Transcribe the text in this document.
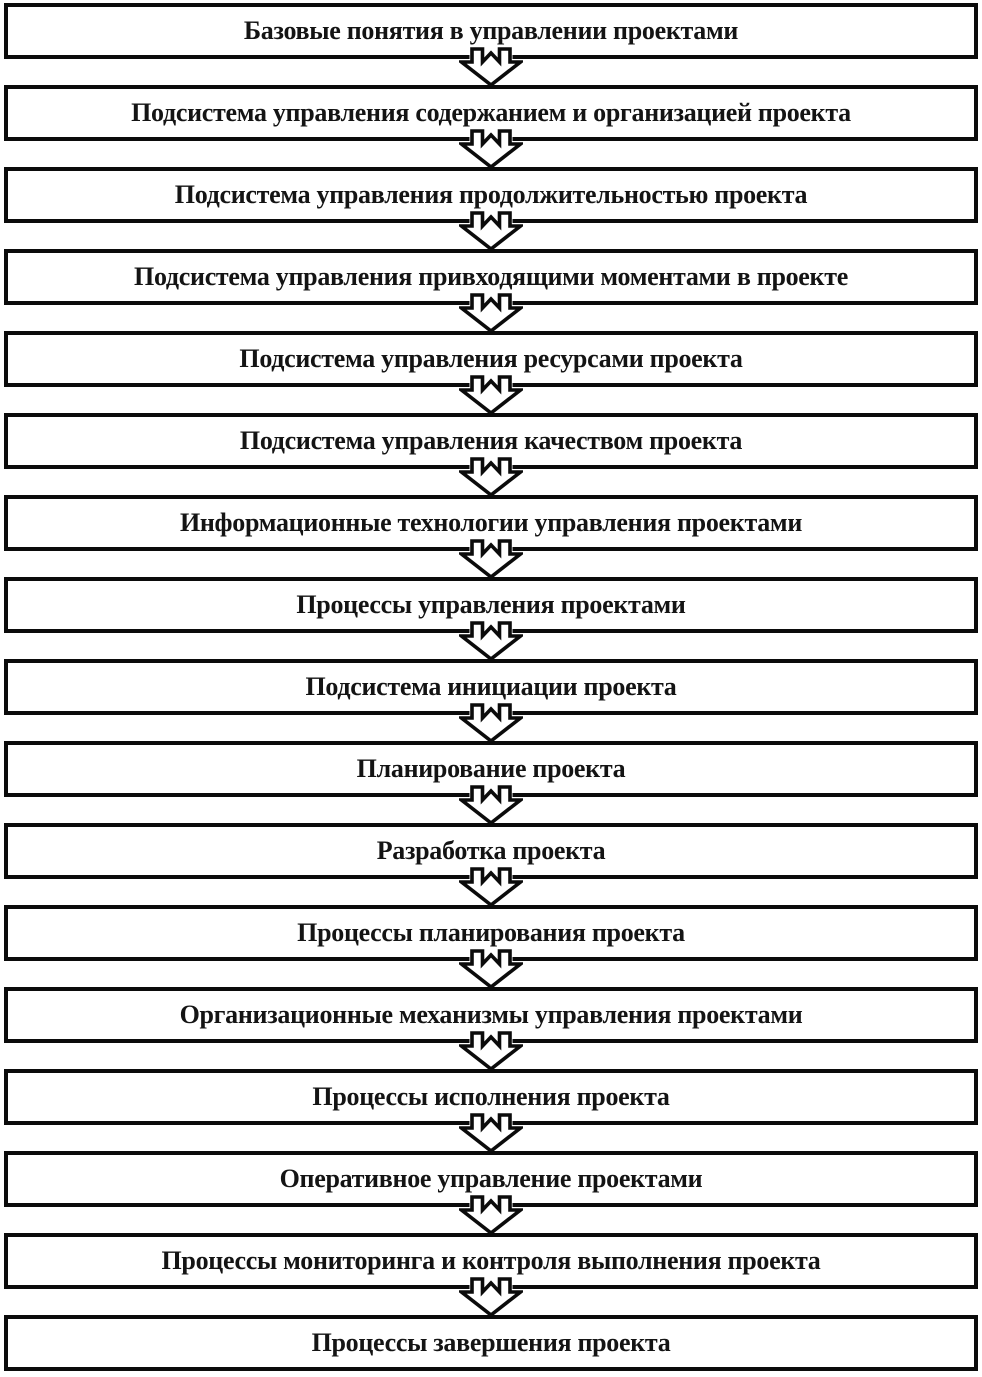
Базовые понятия в управлении проектами
Подсистема управления содержанием и организацией проекта
Подсистема управления продолжительностью проекта
Подсистема управления привходящими моментами в проекте
Подсистема управления ресурсами проекта
Подсистема управления качеством проекта
Информационные технологии управления проектами
Процессы управления проектами
Подсистема инициации проекта
Планирование проекта
Разработка проекта
Процессы планирования проекта
Организационные механизмы управления проектами
Процессы исполнения проекта
Оперативное управление проектами
Процессы мониторинга и контроля выполнения проекта
Процессы завершения проекта
